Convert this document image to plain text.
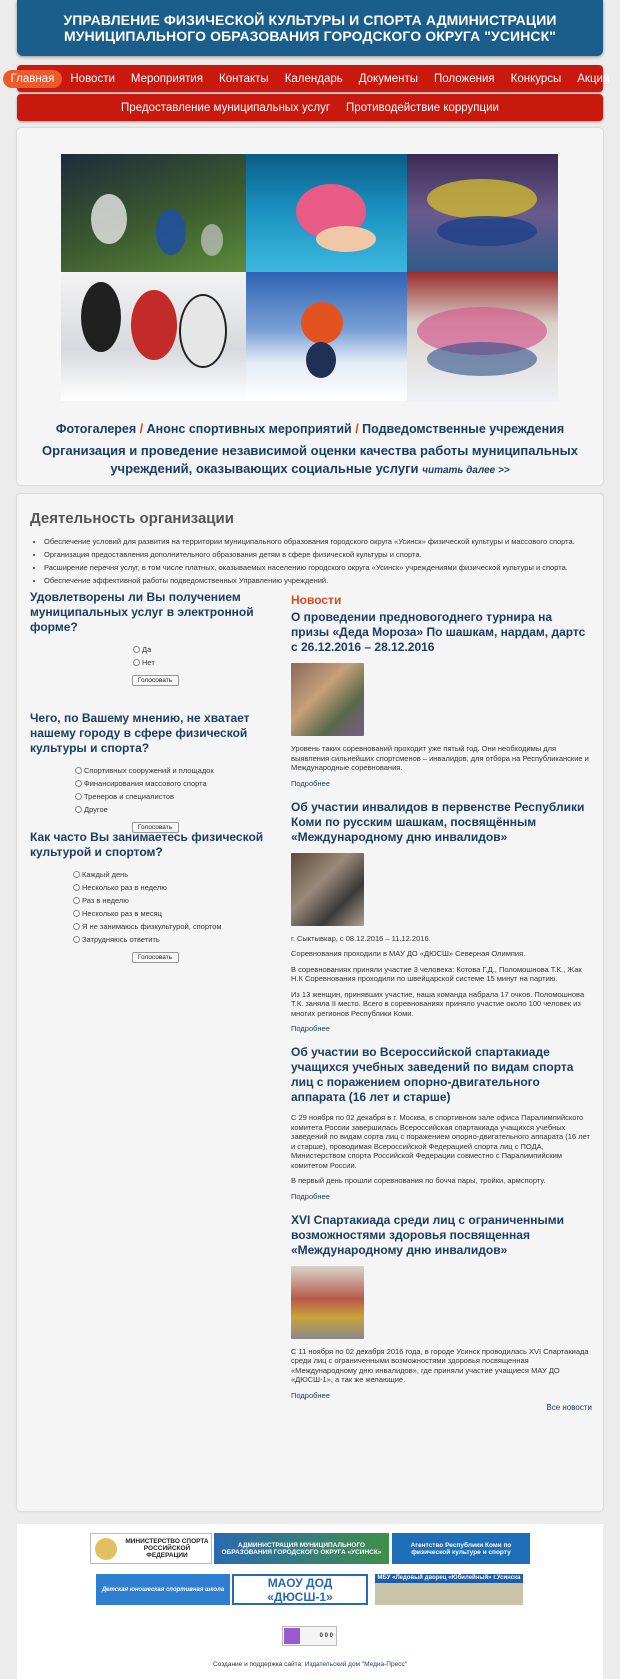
УПРАВЛЕНИЕ ФИЗИЧЕСКОЙ КУЛЬТУРЫ И СПОРТА АДМИНИСТРАЦИИ МУНИЦИПАЛЬНОГО ОБРАЗОВАНИЯ ГОРОДСКОГО ОКРУГА "УСИНСК"
Главная	Новости	Мероприятия	Контакты	Календарь	Документы	Положения	Конкурсы	Акции
Предоставление муниципальных услуг	Противодействие коррупции
Фотогалерея / Анонс спортивных мероприятий / Подведомственные учреждения
Организация и проведение независимой оценки качества работы муниципальных учреждений, оказывающих социальные услуги читать далее >>
Деятельность организации
• Обеспечение условий для развития на территории муниципального образования городского округа «Усинск» физической культуры и массового спорта.
• Организация предоставления дополнительного образования детям в сфере физической культуры и спорта.
• Расширение перечня услуг, в том числе платных, оказываемых населению городского округа «Усинск» учреждениями физической культуры и спорта.
• Обеспечение эффективной работы подведомственных Управлению учреждений.
Удовлетворены ли Вы получением муниципальных услуг в электронной форме?
Да
Нет
Голосовать
Чего, по Вашему мнению, не хватает нашему городу в сфере физической культуры и спорта?
Спортивных сооружений и площадок
Финансирования массового спорта
Тренеров и специалистов
Другое
Голосовать
Как часто Вы занимаетесь физической культурой и спортом?
Каждый день
Несколько раз в неделю
Раз в неделю
Несколько раз в месяц
Я не занимаюсь физкультурой, спортом
Затрудняюсь ответить
Голосовать
Новости
О проведении предновогоднего турнира на призы «Деда Мороза» По шашкам, нардам, дартс с 26.12.2016 – 28.12.2016

Уровень таких соревнований проходит уже пятый год. Они необходимы для выявления сильнейших спортсменов – инвалидов, для отбора на Республиканские и Международные соревнования.

Подробнее
Об участии инвалидов в первенстве Республики Коми по русским шашкам, посвящённым «Международному дню инвалидов»

г. Сыктывкар, с 08.12.2016 – 11.12.2016.

Соревнования проходили в МАУ ДО «ДЮСШ» Северная Олимпия.

В соревнованиях приняли участие 3 человека: Котова Г.Д., Поломошнова Т.К., Жак Н.К Соревнования проходили по швейцарской системе 15 минут на партию.

Из 13 женщин, принявших участие, наша команда набрала 17 очков. Поломошнова Т.К. заняла II место. Всего в соревнованиях приняло участие около 100 человек из многих регионов Республики Коми.

Подробнее
Об участии во Всероссийской спартакиаде учащихся учебных заведений по видам спорта лиц с поражением опорно-двигательного аппарата (16 лет и старше)

С 29 ноября по 02 декабря в г. Москва, в спортивном зале офиса Паралимпийского комитета России завершилась Всероссийская спартакиада учащихся учебных заведений по видам сорта лиц с поражением опорно-двигательного аппарата (16 лет и старше), проводимая Всероссийской Федерацией спорта лиц с ПОДА, Министерством спорта Российской Федерации совместно с Паралимпийским комитетом России.

В первый день прошли соревнования по бочча пары, тройки, армспорту.

Подробнее
XVI Спартакиада среди лиц с ограниченными возможностями здоровья посвященная «Международному дню инвалидов»

С 11 ноября по 02 декабря 2016 года, в городе Усинск проводилась XVI Спартакиада среди лиц с ограниченными возможностями здоровья посвященная «Международному дню инвалидов», где приняли участие учащиеся МАУ ДО «ДЮСШ-1», а так же желающие.

Подробнее
Все новости
МИНИСТЕРСТВО СПОРТА РОССИЙСКОЙ ФЕДЕРАЦИИ
АДМИНИСТРАЦИЯ МУНИЦИПАЛЬНОГО ОБРАЗОВАНИЯ ГОРОДСКОГО ОКРУГА «УСИНСК»
Агентство Республики Коми по физической культуре и спорту
Детская юношеская спортивная школа	МАОУ ДОД «ДЮСШ-1»
МБУ «Ледовый дворец «Юбилейный» г.Усинска
0 0 0
Создание и поддержка сайта: Издательский дом "Медиа-Пресс"
